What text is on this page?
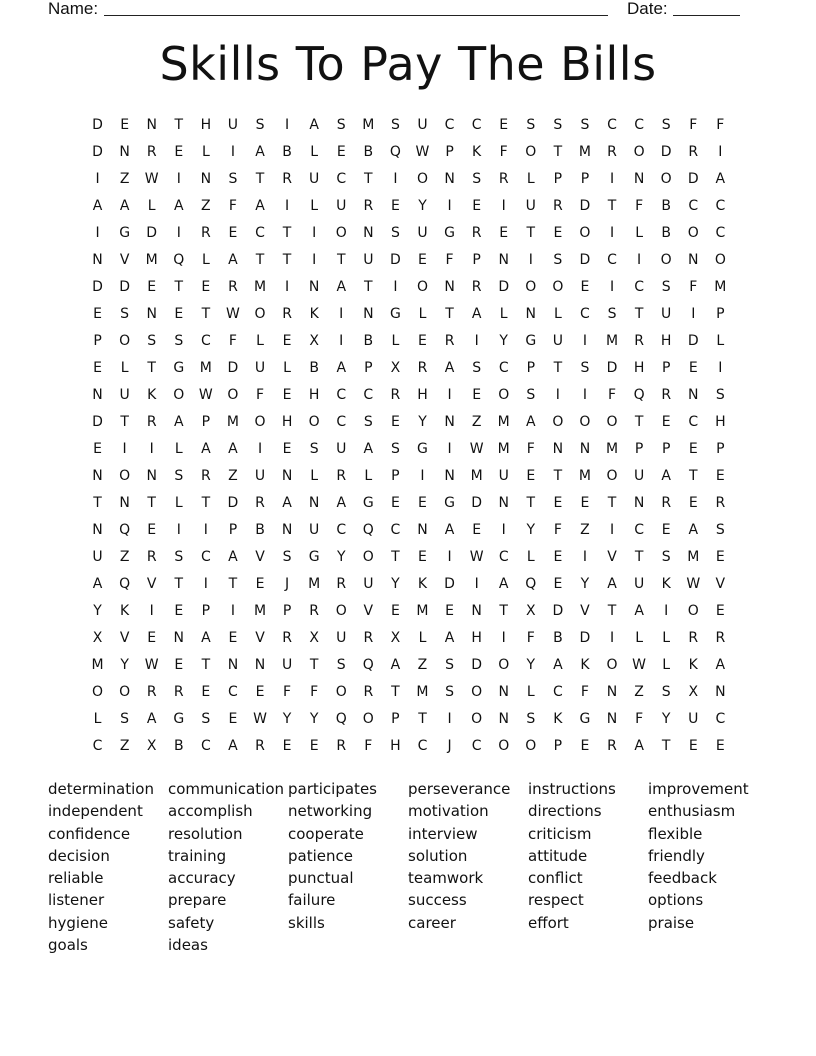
Name:	Date:
Skills To Pay The Bills
D	E	N	T	H	U	S	I	A	S	M	S	U	C	C	E	S	S	S	C	C	S	F	F
D	N	R	E	L	I	A	B	L	E	B	Q	W	P	K	F	O	T	M	R	O	D	R	I
I	Z	W	I	N	S	T	R	U	C	T	I	O	N	S	R	L	P	P	I	N	O	D	A
A	A	L	A	Z	F	A	I	L	U	R	E	Y	I	E	I	U	R	D	T	F	B	C	C
I	G	D	I	R	E	C	T	I	O	N	S	U	G	R	E	T	E	O	I	L	B	O	C
N	V	M	Q	L	A	T	T	I	T	U	D	E	F	P	N	I	S	D	C	I	O	N	O
D	D	E	T	E	R	M	I	N	A	T	I	O	N	R	D	O	O	E	I	C	S	F	M
E	S	N	E	T	W	O	R	K	I	N	G	L	T	A	L	N	L	C	S	T	U	I	P
P	O	S	S	C	F	L	E	X	I	B	L	E	R	I	Y	G	U	I	M	R	H	D	L
E	L	T	G	M	D	U	L	B	A	P	X	R	A	S	C	P	T	S	D	H	P	E	I
N	U	K	O	W	O	F	E	H	C	C	R	H	I	E	O	S	I	I	F	Q	R	N	S
D	T	R	A	P	M	O	H	O	C	S	E	Y	N	Z	M	A	O	O	O	T	E	C	H
E	I	I	L	A	A	I	E	S	U	A	S	G	I	W	M	F	N	N	M	P	P	E	P
N	O	N	S	R	Z	U	N	L	R	L	P	I	N	M	U	E	T	M	O	U	A	T	E
T	N	T	L	T	D	R	A	N	A	G	E	E	G	D	N	T	E	E	T	N	R	E	R
N	Q	E	I	I	P	B	N	U	C	Q	C	N	A	E	I	Y	F	Z	I	C	E	A	S
U	Z	R	S	C	A	V	S	G	Y	O	T	E	I	W	C	L	E	I	V	T	S	M	E
A	Q	V	T	I	T	E	J	M	R	U	Y	K	D	I	A	Q	E	Y	A	U	K	W	V
Y	K	I	E	P	I	M	P	R	O	V	E	M	E	N	T	X	D	V	T	A	I	O	E
X	V	E	N	A	E	V	R	X	U	R	X	L	A	H	I	F	B	D	I	L	L	R	R
M	Y	W	E	T	N	N	U	T	S	Q	A	Z	S	D	O	Y	A	K	O	W	L	K	A
O	O	R	R	E	C	E	F	F	O	R	T	M	S	O	N	L	C	F	N	Z	S	X	N
L	S	A	G	S	E	W	Y	Y	Q	O	P	T	I	O	N	S	K	G	N	F	Y	U	C
C	Z	X	B	C	A	R	E	E	R	F	H	C	J	C	O	O	P	E	R	A	T	E	E
determination
independent
confidence
decision
reliable
listener
hygiene
goals
communication
accomplish
resolution
training
accuracy
prepare
safety
ideas
participates
networking
cooperate
patience
punctual
failure
skills
perseverance
motivation
interview
solution
teamwork
success
career
instructions
directions
criticism
attitude
conflict
respect
effort
improvement
enthusiasm
flexible
friendly
feedback
options
praise
